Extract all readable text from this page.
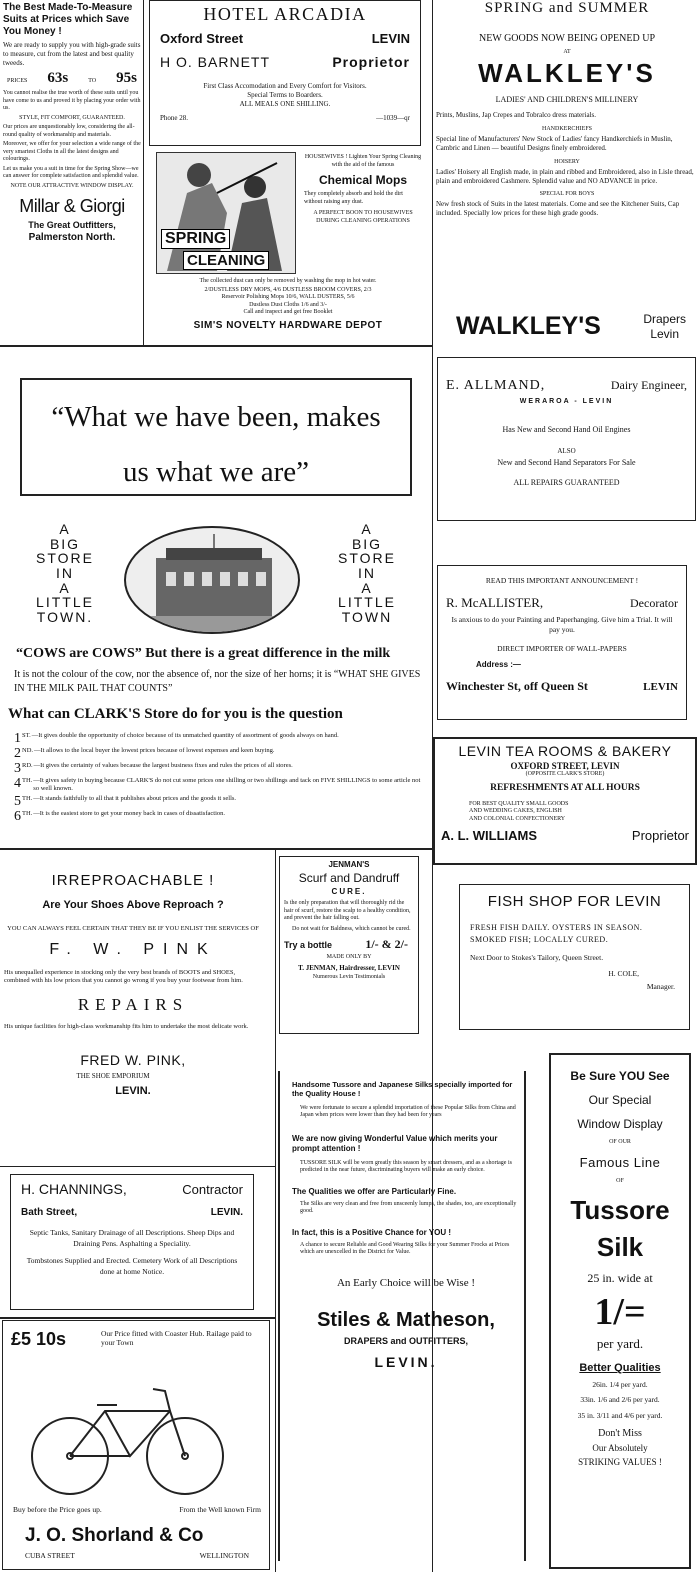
The Best Made-To-Measure Suits at Prices which Save You Money !
We are ready to supply you with high-grade suits to measure, cut from the latest and best quality tweeds.
PRICES 63s	TO 95s
You cannot realise the true worth of these suits until you have come to us and proved it by placing your order with us.
STYLE, FIT COMFORT, GUARANTEED.
Our prices are unquestionably low, considering the all-round quality of workmanship and materials.
Moreover, we offer for your selection a wide range of the very smartest Cloths in all the latest designs and colourings.
Let us make you a suit in time for the Spring Show—we can answer for complete satisfaction and splendid value.
NOTE OUR ATTRACTIVE WINDOW DISPLAY.
Millar & Giorgi
The Great Outfitters,
Palmerston North.
HOTEL ARCADIA
Oxford Street	LEVIN
H O. BARNETT	Proprietor
First Class Accomodation and Every Comfort for Visitors.
Special Terms to Boarders.
ALL MEALS ONE SHILLING.
Phone 28.	—1039—qr
SPRING
CLEANING
HOUSEWIVES ! Lighten Your Spring Cleaning with the aid of the famous
Chemical Mops
They completely absorb and hold the dirt without raising any dust.
A PERFECT BOON TO HOUSEWIVES DURING CLEANING OPERATIONS
The collected dust can only be removed by washing the mop in hot water.
2/DUSTLESS DRY MOPS, 4/6 DUSTLESS BROOM COVERS, 2/3
Reservoir Polishing Mops 10/6, WALL DUSTERS, 5/6
Dustless Dust Cloths 1/6 and 3/-
Call and inspect and get free Booklet
SIM'S NOVELTY HARDWARE DEPOT
SPRING and SUMMER
NEW GOODS NOW BEING OPENED UP
AT
WALKLEY'S
LADIES' AND CHILDREN'S MILLINERY
Prints, Muslins, Jap Crepes and Tobralco dress materials.
HANDKERCHIEFS
Special line of Manufacturers' New Stock of Ladies' fancy Handkerchiefs in Muslin, Cambric and Linen — beautiful Designs finely embroidered.
HOISERY
Ladies' Hoisery all English made, in plain and ribbed and Embroidered, also in Lisle thread, plain and embroidered Cashmere. Splendid value and NO ADVANCE in price.
SPECIAL FOR BOYS
New fresh stock of Suits in the latest materials. Come and see the Kitchener Suits, Cap included. Specially low prices for these high grade goods.
WALKLEY'S	Drapers
Levin
“What we have been, makes
us what we are”
A
BIG
STORE
IN
A
LITTLE
TOWN.
A
BIG
STORE
IN
A
LITTLE
TOWN
“COWS are COWS” But there is a great difference in the milk
It is not the colour of the cow, nor the absence of, nor the size of her horns; it is “WHAT SHE GIVES IN THE MILK PAIL THAT COUNTS”
What can CLARK'S Store do for you is the question
1 ST. —It gives double the opportunity of choice because of its unmatched quantity of assortment of goods always on hand.
2 ND. —It allows to the local buyer the lowest prices because of lowest expenses and keen buying.
3 RD. —It gives the certainty of values because the largest business fixes and rules the prices of all stores.
4 TH. —It gives safety in buying because CLARK'S do not cut some prices one shilling or two shillings and tack on FIVE SHILLINGS to some article not so well known.
5 TH. —It stands faithfully to all that it publishes about prices and the goods it sells.
6 TH. —It is the easiest store to get your money back in cases of dissatisfaction.
E. ALLMAND,	Dairy Engineer,
WERAROA - LEVIN
Has New and Second Hand Oil Engines
ALSO
New and Second Hand Separators For Sale
ALL REPAIRS GUARANTEED
READ THIS IMPORTANT ANNOUNCEMENT !
R. McALLISTER,	Decorator
Is anxious to do your Painting and Paperhanging. Give him a Trial. It will pay you.
DIRECT IMPORTER OF WALL-PAPERS
Address :—
Winchester St, off Queen St	LEVIN
LEVIN TEA ROOMS & BAKERY
OXFORD STREET, LEVIN
(OPPOSITE CLARK'S STORE)
REFRESHMENTS AT ALL HOURS
FOR BEST QUALITY SMALL GOODS
AND WEDDING CAKES, ENGLISH
AND COLONIAL CONFECTIONERY
A. L. WILLIAMS	Proprietor
FISH SHOP FOR LEVIN
FRESH FISH DAILY. OYSTERS IN SEASON. SMOKED FISH; LOCALLY CURED.
Next Door to Stokes's Tailory, Queen Street.
H. COLE,
Manager.
IRREPROACHABLE !
Are Your Shoes Above Reproach ?
YOU CAN ALWAYS FEEL CERTAIN THAT THEY BE IF YOU ENLIST THE SERVICES OF
F. W. PINK
His unequalled experience in stocking only the very best brands of BOOTS and SHOES, combined with his low prices that you cannot go wrong if you buy your footwear from him.
REPAIRS
His unique facilities for high-class workmanship fits him to undertake the most delicate work.
FRED W. PINK,
THE SHOE EMPORIUM
LEVIN.
JENMAN'S
Scurf and Dandruff
CURE.
Is the only preparation that will thoroughly rid the hair of scurf, restore the scalp to a healthy condition, and prevent the hair falling out.
Do not wait for Baldness, which cannot be cured.
Try a bottle	1/- & 2/-
MADE ONLY BY
T. JENMAN, Hairdresser, LEVIN
Numerous Levin Testimonials
H. CHANNINGS,	Contractor
Bath Street,	LEVIN.
Septic Tanks, Sanitary Drainage of all Descriptions. Sheep Dips and Draining Pens. Asphalting a Speciality.
Tombstones Supplied and Erected. Cemetery Work of all Descriptions done at home Notice.
£5 10s	Our Price fitted with Coaster Hub. Railage paid to your Town
Buy before the Price goes up.	From the Well known Firm
J. O. Shorland & Co
CUBA STREET	WELLINGTON
Handsome Tussore and Japanese Silks specially imported for the Quality House !
We were fortunate to secure a splendid importation of these Popular Silks from China and Japan when prices were lower than they had been for years
We are now giving Wonderful Value which merits your prompt attention !
TUSSORE SILK will be worn greatly this season by smart dressers, and as a shortage is predicted in the near future, discriminating buyers will make an early choice.
The Qualities we offer are Particularly Fine.
The Silks are very clean and free from unsceenly lumps, the shades, too, are exceptionally good.
In fact, this is a Positive Chance for YOU !
A chance to secure Reliable and Good Wearing Silks for your Summer Frocks at Prices which are unexcelled in the District for Value.
An Early Choice will be Wise !
Stiles & Matheson,
DRAPERS and OUTFITTERS,
LEVIN.
Be Sure YOU See
Our Special
Window Display
OF OUR
Famous Line
OF
Tussore
Silk
25 in. wide at
1/=
per yard.
Better Qualities
26in. 1/4 per yard.
33in. 1/6 and 2/6 per yard.
35 in. 3/11 and 4/6 per yard.
Don't Miss
Our Absolutely
STRIKING VALUES !
